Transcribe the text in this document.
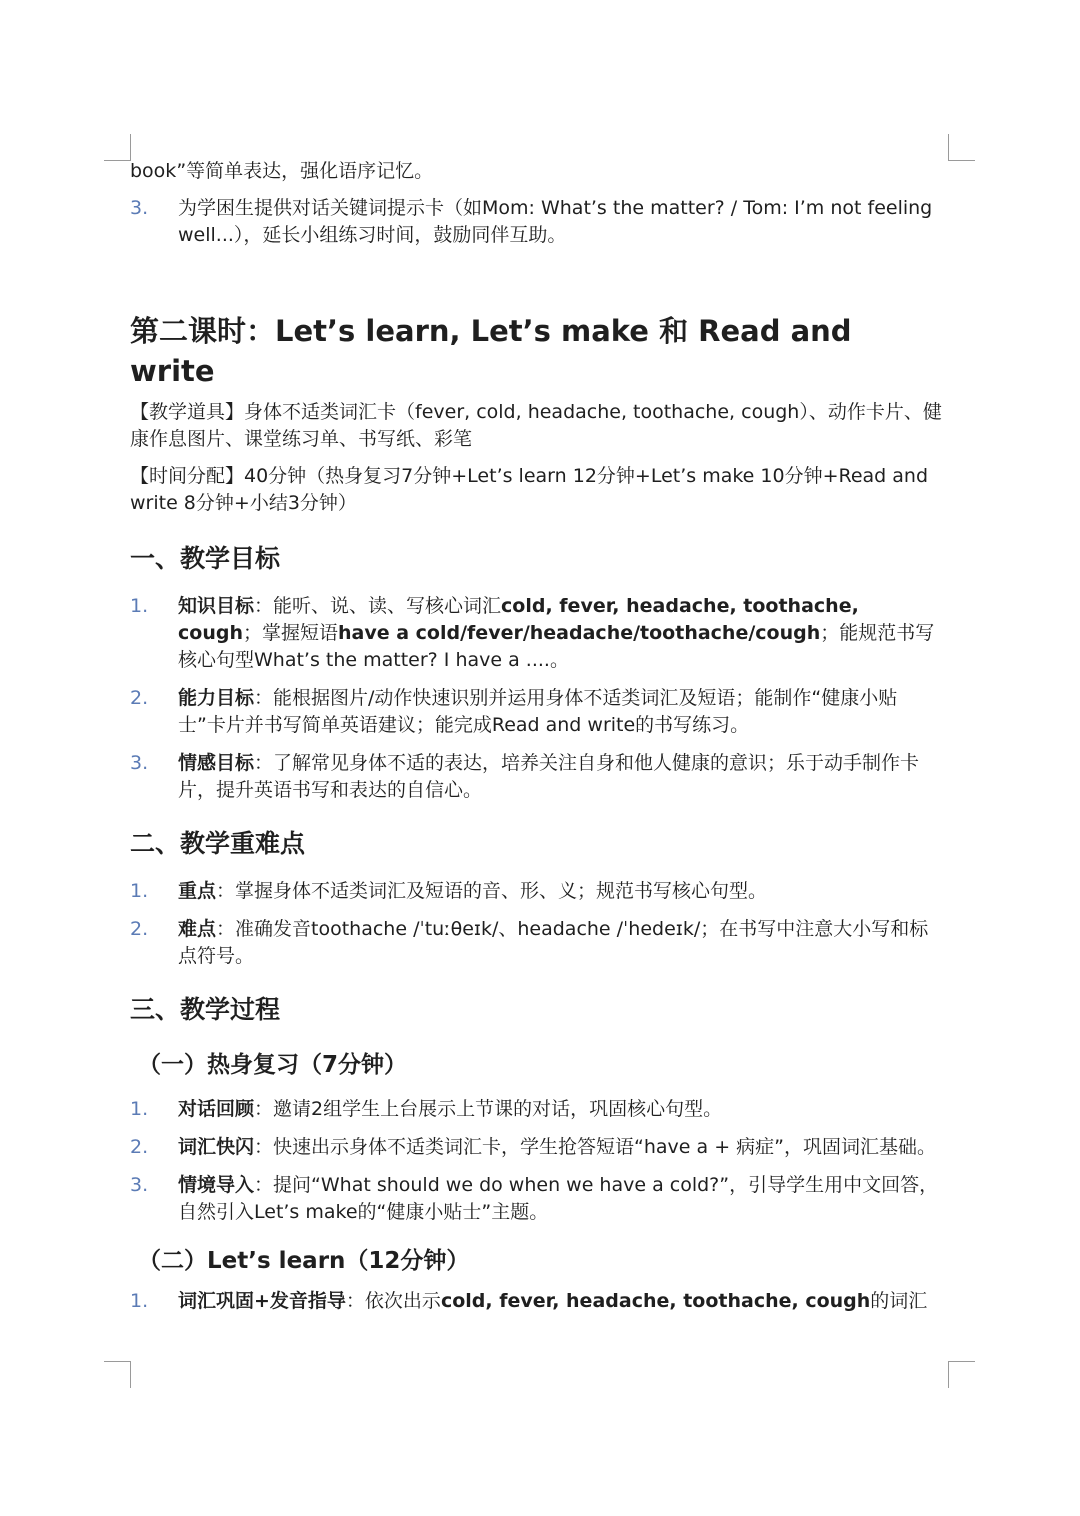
book”等简单表达，强化语序记忆。

3. 为学困生提供对话关键词提示卡（如Mom: What’s the matter? / Tom: I’m not feeling well...），延长小组练习时间，鼓励同伴互助。
第二课时：Let’s learn, Let’s make 和 Read and write

【教学道具】身体不适类词汇卡（fever, cold, headache, toothache, cough）、动作卡片、健康作息图片、课堂练习单、书写纸、彩笔

【时间分配】40分钟（热身复习7分钟+Let’s learn 12分钟+Let’s make 10分钟+Read and write 8分钟+小结3分钟）

一、教学目标
1. 知识目标：能听、说、读、写核心词汇cold, fever, headache, toothache, cough；掌握短语have a cold/fever/headache/toothache/cough；能规范书写核心句型What’s the matter? I have a ....。
2. 能力目标：能根据图片/动作快速识别并运用身体不适类词汇及短语；能制作“健康小贴士”卡片并书写简单英语建议；能完成Read and write的书写练习。
3. 情感目标：了解常见身体不适的表达，培养关注自身和他人健康的意识；乐于动手制作卡片，提升英语书写和表达的自信心。
二、教学重难点
1. 重点：掌握身体不适类词汇及短语的音、形、义；规范书写核心句型。
2. 难点：准确发音toothache /ˈtuːθeɪk/、headache /ˈhedeɪk/；在书写中注意大小写和标点符号。
三、教学过程
（一）热身复习（7分钟）
1. 对话回顾：邀请2组学生上台展示上节课的对话，巩固核心句型。
2. 词汇快闪：快速出示身体不适类词汇卡，学生抢答短语“have a + 病症”，巩固词汇基础。
3. 情境导入：提问“What should we do when we have a cold?”，引导学生用中文回答，自然引入Let’s make的“健康小贴士”主题。
（二）Let’s learn（12分钟）
1. 词汇巩固+发音指导：依次出示cold, fever, headache, toothache, cough的词汇
